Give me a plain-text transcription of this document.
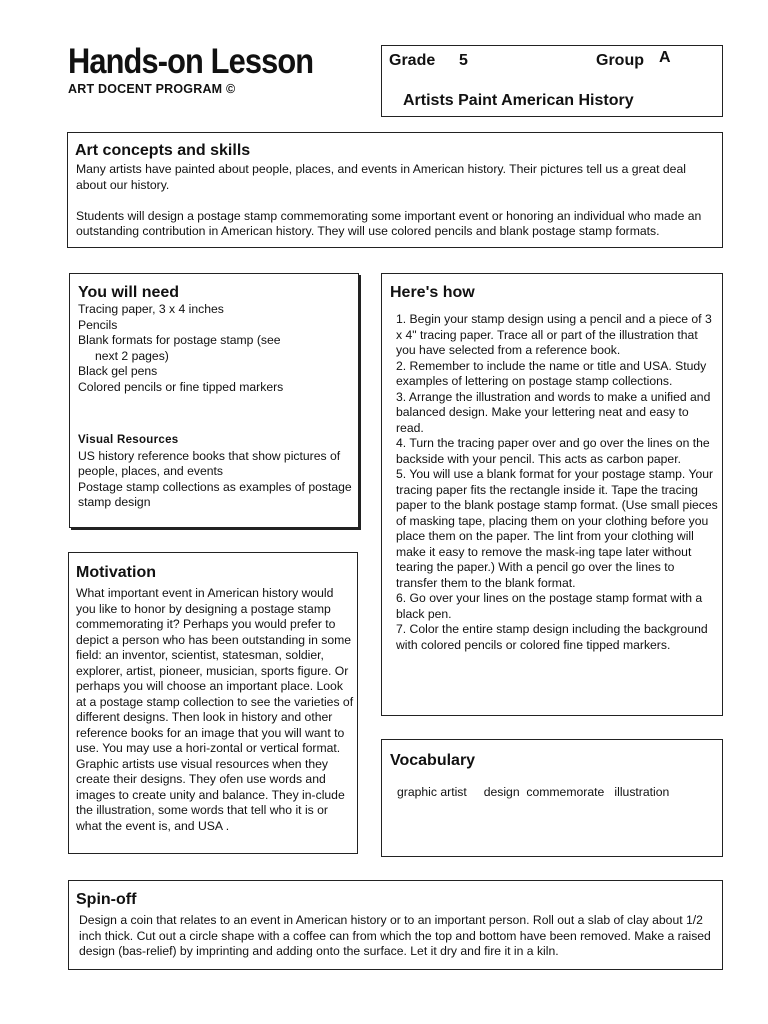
Hands-on Lesson
ART DOCENT PROGRAM ©
Grade 5	Group A
Artists Paint American History
Art concepts and skills

Many artists have painted about people, places, and events in American history. Their pictures tell us a great deal about our history.

Students will design a postage stamp commemorating some important event or honoring an individual who made an outstanding contribution in American history. They will use colored pencils and blank postage stamp formats.

You will need

Tracing paper, 3 x 4 inches

Pencils

Blank formats for postage stamp (see

next 2 pages)

Black gel pens

Colored pencils or fine tipped markers

Visual Resources

US history reference books that show pictures of people, places, and events

Postage stamp collections as examples of postage stamp design

Here's how

1. Begin your stamp design using a pencil and a piece of 3 x 4" tracing paper. Trace all or part of the illustration that you have selected from a reference book.

2. Remember to include the name or title and USA. Study examples of lettering on postage stamp collections.

3. Arrange the illustration and words to make a unified and balanced design. Make your lettering neat and easy to read.

4. Turn the tracing paper over and go over the lines on the backside with your pencil. This acts as carbon paper.

5. You will use a blank format for your postage stamp. Your tracing paper fits the rectangle inside it. Tape the tracing paper to the blank postage stamp format. (Use small pieces of masking tape, placing them on your clothing before you place them on the paper. The lint from your clothing will make it easy to remove the mask-ing tape later without tearing the paper.) With a pencil go over the lines to transfer them to the blank format.

6. Go over your lines on the postage stamp format with a black pen.

7. Color the entire stamp design including the background with colored pencils or colored fine tipped markers.

Motivation

What important event in American history would you like to honor by designing a postage stamp commemorating it? Perhaps you would prefer to depict a person who has been outstanding in some field: an inventor, scientist, statesman, soldier, explorer, artist, pioneer, musician, sports figure. Or perhaps you will choose an important place. Look at a postage stamp collection to see the varieties of different designs. Then look in history and other reference books for an image that you will want to use. You may use a hori-zontal or vertical format.

Graphic artists use visual resources when they create their designs. They ofen use words and images to create unity and balance. They in-clude the illustration, some words that tell who it is or what the event is, and USA .

Vocabulary
graphic artist     design  commemorate   illustration
Spin-off
Design a coin that relates to an event in American history or to an important person. Roll out a slab of clay about 1/2 inch thick. Cut out a circle shape with a coffee can from which the top and bottom have been removed. Make a raised design (bas-relief) by imprinting and adding onto the surface. Let it dry and fire it in a kiln.
